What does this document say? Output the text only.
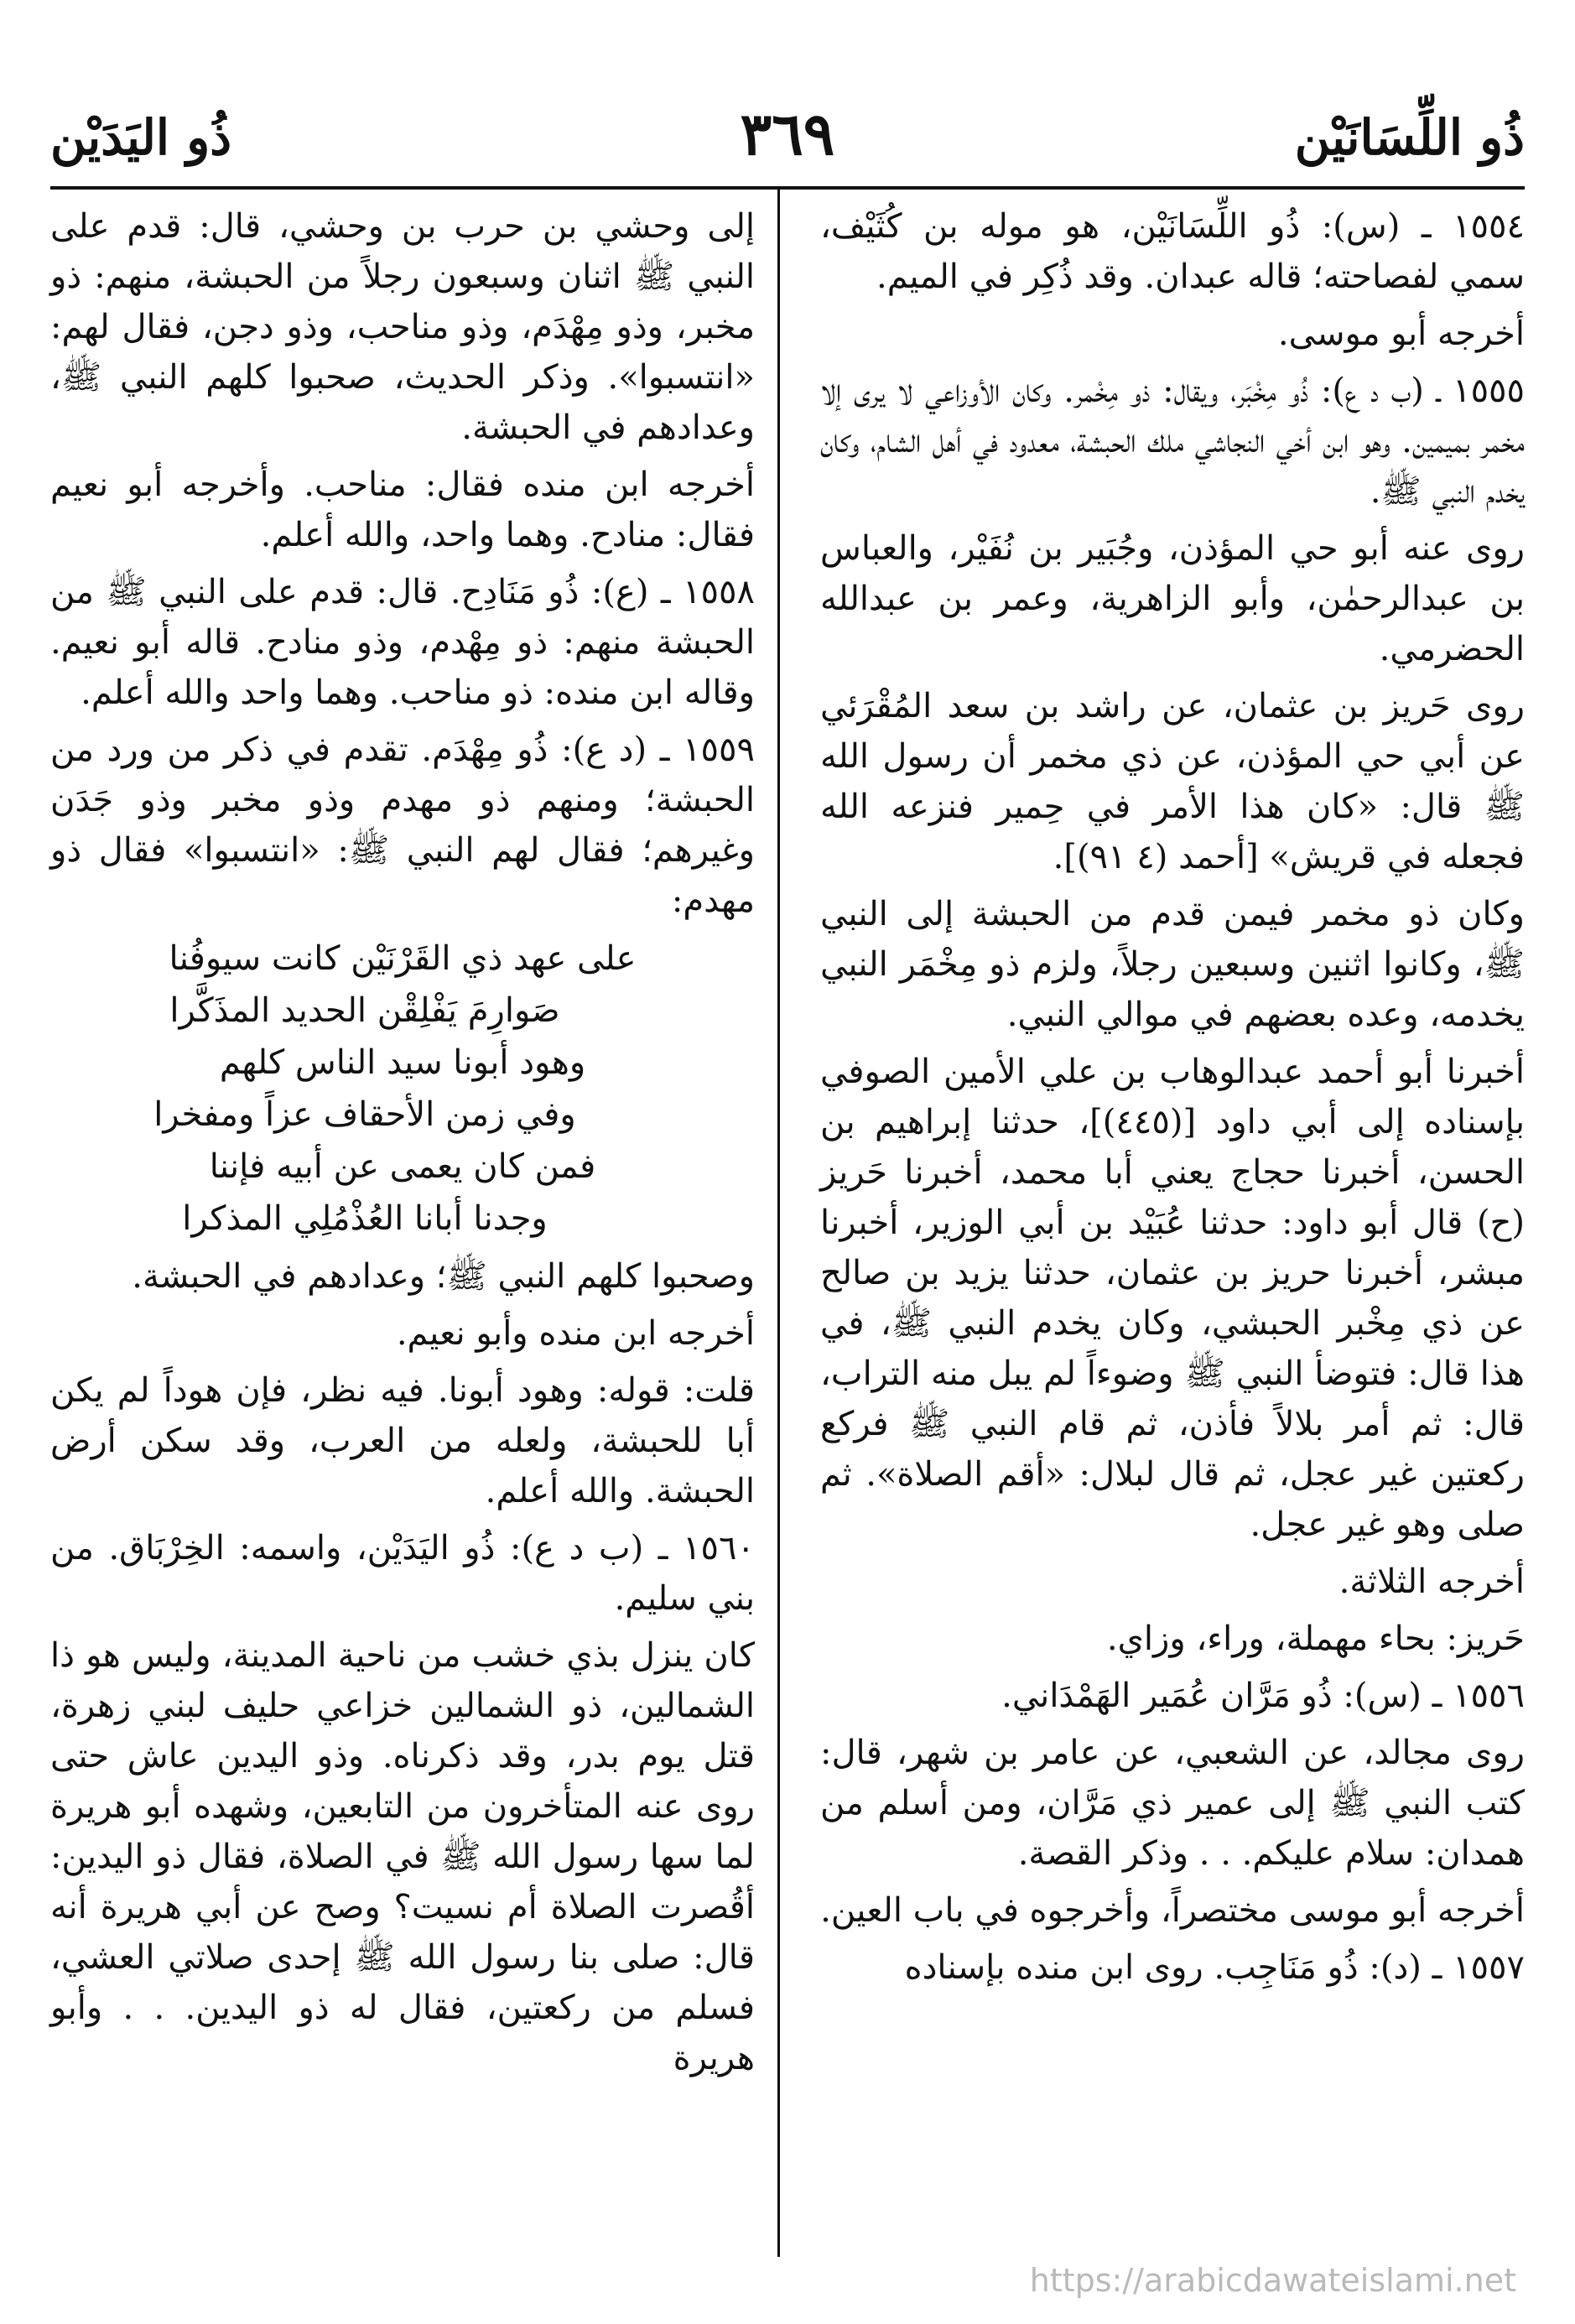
ذُو اللِّسَانَيْن
٣٦٩
ذُو اليَدَيْن

١٥٥٤ ـ (س): ذُو اللِّسَانَيْن، هو موله بن كُثَيْف، سمي لفصاحته؛ قاله عبدان. وقد ذُكِر في الميم.

أخرجه أبو موسى.

١٥٥٥ ـ (ب د ع): ذُو مِخْبَر، ويقال: ذو مِخْمر. وكان الأوزاعي لا يرى إلا مخمر بميمين. وهو ابن أخي النجاشي ملك الحبشة، معدود في أهل الشام، وكان يخدم النبي ﷺ.

روى عنه أبو حي المؤذن، وجُبَير بن نُفَيْر، والعباس بن عبدالرحمٰن، وأبو الزاهرية، وعمر بن عبدالله الحضرمي.

روى حَريز بن عثمان، عن راشد بن سعد المُقْرَئي عن أبي حي المؤذن، عن ذي مخمر أن رسول الله ﷺ قال: «كان هذا الأمر في حِمير فنزعه الله فجعله في قريش» [أحمد (٤ ٩١)].

وكان ذو مخمر فيمن قدم من الحبشة إلى النبي ﷺ، وكانوا اثنين وسبعين رجلاً، ولزم ذو مِخْمَر النبي يخدمه، وعده بعضهم في موالي النبي.

أخبرنا أبو أحمد عبدالوهاب بن علي الأمين الصوفي بإسناده إلى أبي داود [(٤٤٥)]، حدثنا إبراهيم بن الحسن، أخبرنا حجاج يعني أبا محمد، أخبرنا حَريز (ح) قال أبو داود: حدثنا عُبَيْد بن أبي الوزير، أخبرنا مبشر، أخبرنا حريز بن عثمان، حدثنا يزيد بن صالح عن ذي مِخْبر الحبشي، وكان يخدم النبي ﷺ، في هذا قال: فتوضأ النبي ﷺ وضوءاً لم يبل منه التراب، قال: ثم أمر بلالاً فأذن، ثم قام النبي ﷺ فركع ركعتين غير عجل، ثم قال لبلال: «أقم الصلاة». ثم صلى وهو غير عجل.

أخرجه الثلاثة.

حَريز: بحاء مهملة، وراء، وزاي.

١٥٥٦ ـ (س): ذُو مَرَّان عُمَير الهَمْدَاني.

روى مجالد، عن الشعبي، عن عامر بن شهر، قال: كتب النبي ﷺ إلى عمير ذي مَرَّان، ومن أسلم من همدان: سلام عليكم. . . وذكر القصة.

أخرجه أبو موسى مختصراً، وأخرجوه في باب العين.

١٥٥٧ ـ (د): ذُو مَنَاجِب. روى ابن منده بإسناده

إلى وحشي بن حرب بن وحشي، قال: قدم على النبي ﷺ اثنان وسبعون رجلاً من الحبشة، منهم: ذو مخبر، وذو مِهْدَم، وذو مناحب، وذو دجن، فقال لهم: «انتسبوا». وذكر الحديث، صحبوا كلهم النبي ﷺ، وعدادهم في الحبشة.

أخرجه ابن منده فقال: مناحب. وأخرجه أبو نعيم فقال: منادح. وهما واحد، والله أعلم.

١٥٥٨ ـ (ع): ذُو مَنَادِح. قال: قدم على النبي ﷺ من الحبشة منهم: ذو مِهْدم، وذو منادح. قاله أبو نعيم. وقاله ابن منده: ذو مناحب. وهما واحد والله أعلم.

١٥٥٩ ـ (د ع): ذُو مِهْدَم. تقدم في ذكر من ورد من الحبشة؛ ومنهم ذو مهدم وذو مخبر وذو جَدَن وغيرهم؛ فقال لهم النبي ﷺ: «انتسبوا» فقال ذو مهدم:

على عهد ذي القَرْنَيْن كانت سيوفُنا
صَوارِمَ يَفْلِقْن الحديد المذَكَّرا
وهود أبونا سيد الناس كلهم
وفي زمن الأحقاف عزاً ومفخرا
فمن كان يعمى عن أبيه فإننا
وجدنا أبانا العُذْمُلِي المذكرا

وصحبوا كلهم النبي ﷺ؛ وعدادهم في الحبشة.

أخرجه ابن منده وأبو نعيم.

قلت: قوله: وهود أبونا. فيه نظر، فإن هوداً لم يكن أبا للحبشة، ولعله من العرب، وقد سكن أرض الحبشة. والله أعلم.

١٥٦٠ ـ (ب د ع): ذُو اليَدَيْن، واسمه: الخِرْبَاق. من بني سليم.

كان ينزل بذي خشب من ناحية المدينة، وليس هو ذا الشمالين، ذو الشمالين خزاعي حليف لبني زهرة، قتل يوم بدر، وقد ذكرناه. وذو اليدين عاش حتى روى عنه المتأخرون من التابعين، وشهده أبو هريرة لما سها رسول الله ﷺ في الصلاة، فقال ذو اليدين: أقُصرت الصلاة أم نسيت؟ وصح عن أبي هريرة أنه قال: صلى بنا رسول الله ﷺ إحدى صلاتي العشي، فسلم من ركعتين، فقال له ذو اليدين. . . وأبو هريرة

https://arabicdawateislami.net
